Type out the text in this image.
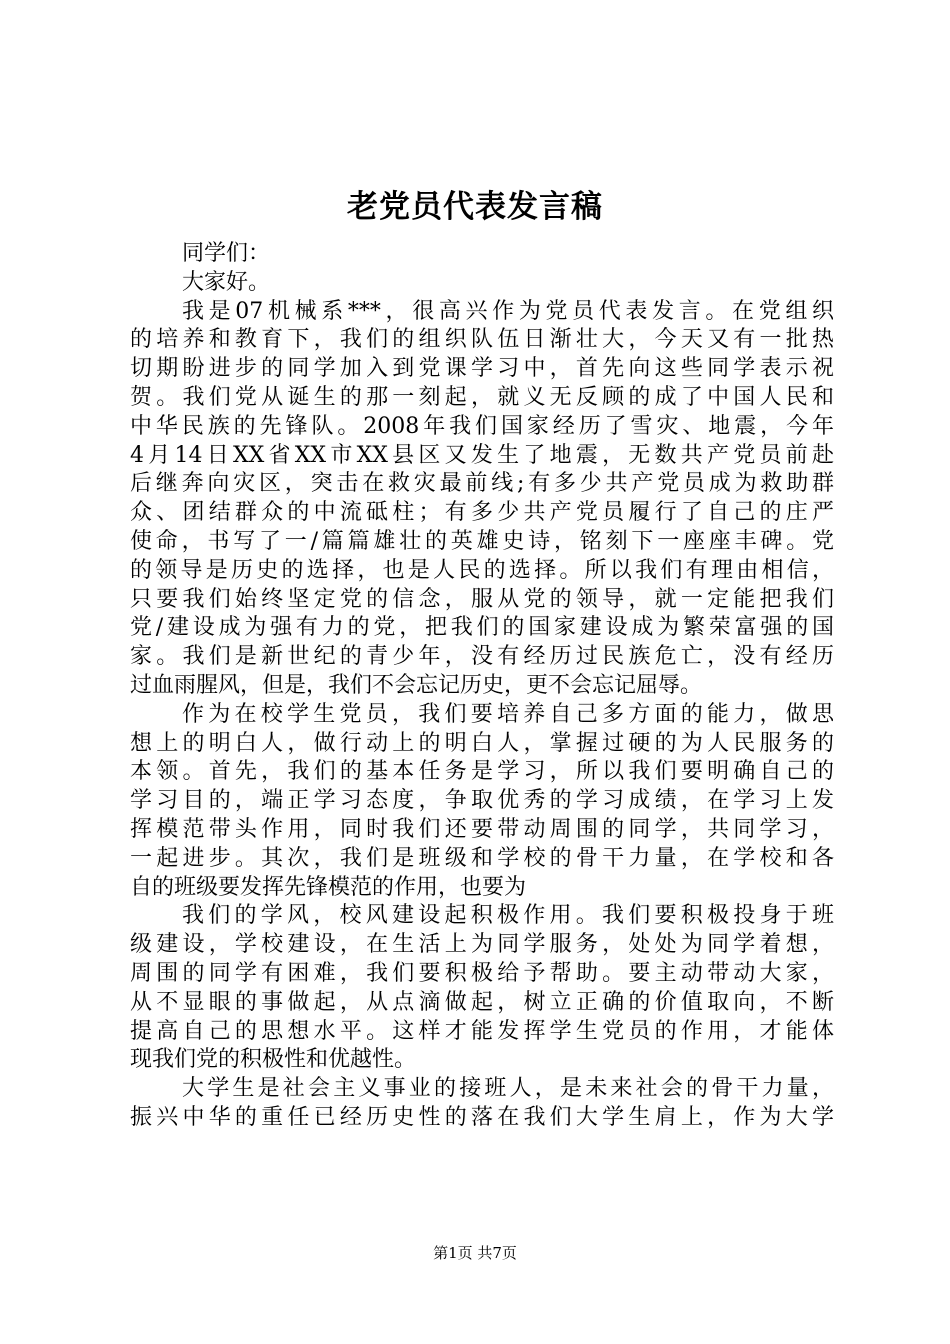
老党员代表发言稿
同学们：
大家好。
我是07机械系***，很高兴作为党员代表发言。在党组织
的培养和教育下，我们的组织队伍日渐壮大，今天又有一批热
切期盼进步的同学加入到党课学习中，首先向这些同学表示祝
贺。我们党从诞生的那一刻起，就义无反顾的成了中国人民和
中华民族的先锋队。2008年我们国家经历了雪灾、地震，今年
4月14日XX省XX市XX县区又发生了地震，无数共产党员前赴
后继奔向灾区，突击在救灾最前线;有多少共产党员成为救助群
众、团结群众的中流砥柱；有多少共产党员履行了自己的庄严
使命，书写了一/篇篇雄壮的英雄史诗，铭刻下一座座丰碑。党
的领导是历史的选择，也是人民的选择。所以我们有理由相信，
只要我们始终坚定党的信念，服从党的领导，就一定能把我们
党/建设成为强有力的党，把我们的国家建设成为繁荣富强的国
家。我们是新世纪的青少年，没有经历过民族危亡，没有经历
过血雨腥风，但是，我们不会忘记历史，更不会忘记屈辱。
作为在校学生党员，我们要培养自己多方面的能力，做思
想上的明白人，做行动上的明白人，掌握过硬的为人民服务的
本领。首先，我们的基本任务是学习，所以我们要明确自己的
学习目的，端正学习态度，争取优秀的学习成绩，在学习上发
挥模范带头作用，同时我们还要带动周围的同学，共同学习，
一起进步。其次，我们是班级和学校的骨干力量，在学校和各
自的班级要发挥先锋模范的作用，也要为
我们的学风，校风建设起积极作用。我们要积极投身于班
级建设，学校建设，在生活上为同学服务，处处为同学着想，
周围的同学有困难，我们要积极给予帮助。要主动带动大家，
从不显眼的事做起，从点滴做起，树立正确的价值取向，不断
提高自己的思想水平。这样才能发挥学生党员的作用，才能体
现我们党的积极性和优越性。
大学生是社会主义事业的接班人，是未来社会的骨干力量，
振兴中华的重任已经历史性的落在我们大学生肩上，作为大学
第1页 共7页
